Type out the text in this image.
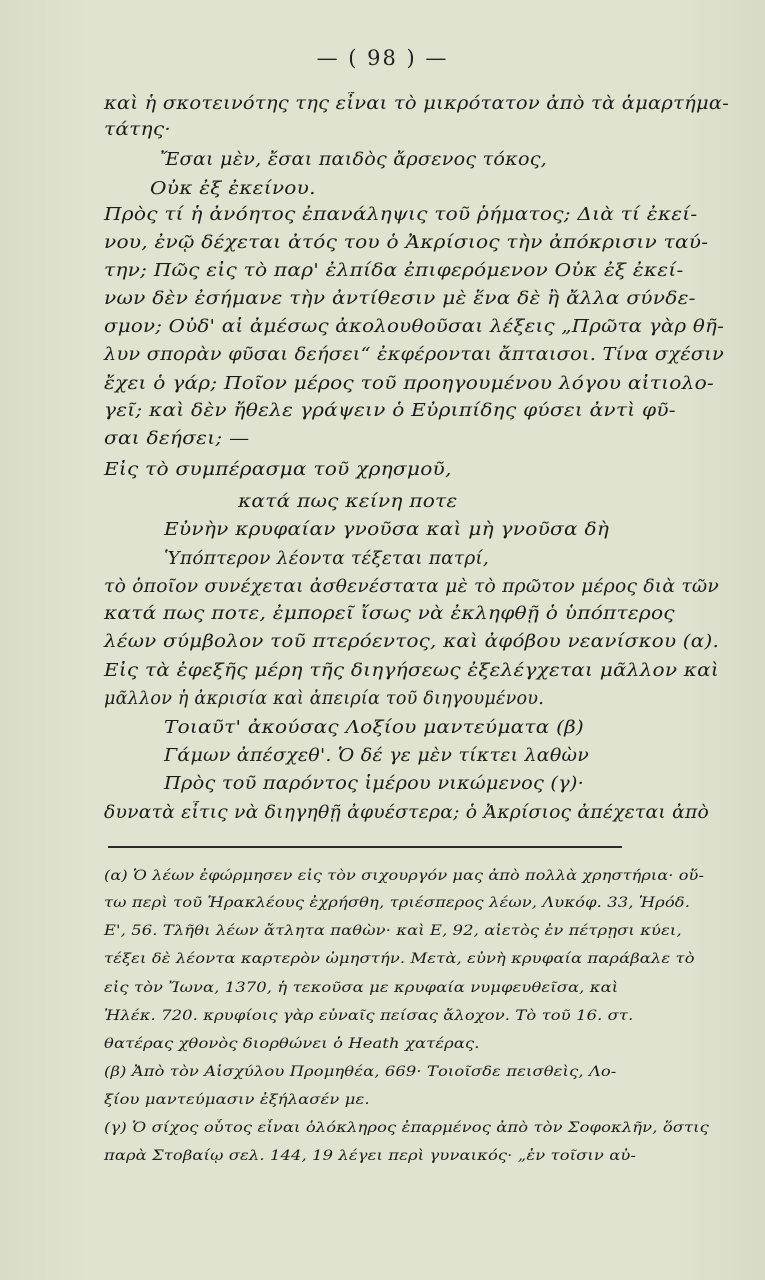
— ( 98 ) —
καὶ ἡ σκοτεινότης της εἶναι τὸ μικρότατον ἀπὸ τὰ ἁμαρτήμα-
τάτης·
Ἔσαι μὲν, ἔσαι παιδὸς ἄρσενος τόκος,
Οὐκ ἐξ ἐκείνου.
Πρὸς τί ἡ ἀνόητος ἐπανάληψις τοῦ ῥήματος; Διὰ τί ἐκεί-
νου, ἐνῷ δέχεται ἀτός του ὁ Ἀκρίσιος τὴν ἀπόκρισιν ταύ-
την; Πῶς εἰς τὸ παρ' ἐλπίδα ἐπιφερόμενον Οὐκ ἐξ ἐκεί-
νων δὲν ἐσήμανε τὴν ἀντίθεσιν μὲ ἕνα δὲ ἢ ἄλλα σύνδε-
σμον; Οὐδ' αἱ ἀμέσως ἀκολουθοῦσαι λέξεις „Πρῶτα γὰρ θῆ-
λυν σπορὰν φῦσαι δεήσει“ ἐκφέρονται ἄπταισοι. Τίνα σχέσιν
ἔχει ὁ γάρ; Ποῖον μέρος τοῦ προηγουμένου λόγου αἰτιολο-
γεῖ; καὶ δὲν ἤθελε γράψειν ὁ Εὐριπίδης φύσει ἀντὶ φῦ-
σαι δεήσει; —
Εἰς τὸ συμπέρασμα τοῦ χρησμοῦ,
κατά πως κείνη ποτε
Εὐνὴν κρυφαίαν γνοῦσα καὶ μὴ γνοῦσα δὴ
Ὑπόπτερον λέοντα τέξεται πατρί,
τὸ ὁποῖον συνέχεται ἀσθενέστατα μὲ τὸ πρῶτον μέρος διὰ τῶν
κατά πως ποτε, ἐμπορεῖ ἴσως νὰ ἐκληφθῇ ὁ ὑπόπτερος
λέων σύμβολον τοῦ πτερόεντος, καὶ ἀφόβου νεανίσκου (α).
Εἰς τὰ ἐφεξῆς μέρη τῆς διηγήσεως ἐξελέγχεται μᾶλλον καὶ
μᾶλλον ἡ ἀκρισία καὶ ἀπειρία τοῦ διηγουμένου.
Τοιαῦτ' ἀκούσας Λοξίου μαντεύματα (β)
Γάμων ἀπέσχεθ'. Ὁ δέ γε μὲν τίκτει λαθὼν
Πρὸς τοῦ παρόντος ἱμέρου νικώμενος (γ)·
δυνατὰ εἶτις νὰ διηγηθῇ ἀφυέστερα; ὁ Ἀκρίσιος ἀπέχεται ἀπὸ
(α) Ὁ λέων ἐφώρμησεν εἰς τὸν σιχουργόν μας ἀπὸ πολλὰ χρηστήρια· οὕ-
τω περὶ τοῦ Ἡρακλέους ἐχρήσθη, τριέσπερος λέων, Λυκόφ. 33, Ἡρόδ.
Ε', 56. Τλῆθι λέων ἄτλητα παθὼν· καὶ Ε, 92, αἰετὸς ἐν πέτρῃσι κύει,
τέξει δὲ λέοντα καρτερὸν ὠμηστήν. Μετὰ, εὐνὴ κρυφαία παράβαλε τὸ
εἰς τὸν Ἴωνα, 1370, ἡ τεκοῦσα με κρυφαία νυμφευθεῖσα, καὶ
Ἠλέκ. 720. κρυφίοις γὰρ εὐναῖς πείσας ἄλοχον. Τὸ τοῦ 16. στ.
θατέρας χθονὸς διορθώνει ὁ Heath χατέρας.
(β) Ἀπὸ τὸν Αἰσχύλου Προμηθέα, 669· Τοιοῖσδε πεισθεὶς, Λο-
ξίου μαντεύμασιν ἐξήλασέν με.
(γ) Ὁ σίχος οὗτος εἶναι ὁλόκληρος ἐπαρμένος ἀπὸ τὸν Σοφοκλῆν, ὅστις
παρὰ Στοβαίῳ σελ. 144, 19 λέγει περὶ γυναικός· „ἐν τοῖσιν αὐ-
